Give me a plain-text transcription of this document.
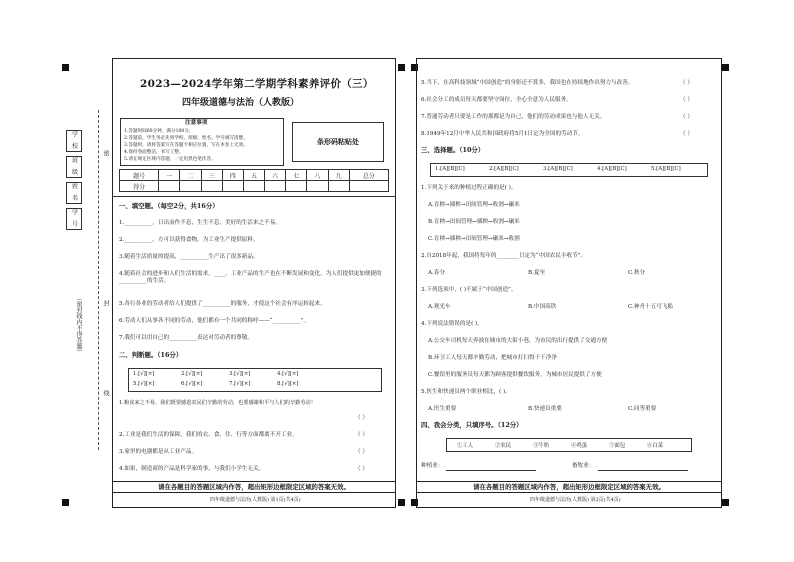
学 校
班 级
姓 名
学 号
密
封
线
（密封线内不得答题）
2023—2024学年第二学期学科素养评价（三）
四年级道德与法治（人教版）
注意事项
1.答题时间60分钟，满分100分。
2.答题前，学生务必先将学校、班级、姓名、学号填写清楚。
3.答题时，请将答案写在答题卡相应位置，写在本卷上无效。
4.保持卷面整洁，书写工整。
5.请在规定区域内答题，一定用黑色笔作答。
条形码粘贴处
题号	一	二	三	四	五	六	七	八	九	总分
得分										
一、填空题。（每空2分，共16分）
1.__________，日出而作不息，生生不息，美好的生活来之不易。
2.__________，方可以获得食物，为工业生产提供原料。
3.随着生活质量的提高，__________生产出了很多新品。
4.随着社会的进步和人们生活的需求，____，工业产品的生产也在不断发展和变化，为人们提供更加便捷的__________的生活。
5.各行各业的劳动者给人们提供了__________的服务，才使这个社会有序运转起来。
6.劳动人们从事各不同的劳动，他们都有一个共同的称呼——“__________”。
7.我们可以用自己的__________表达对劳动者的尊敬。
二、判断题。（16分）
1.[√][×]	2.[√][×]	3.[√][×]	4.[√][×]
5.[√][×]	6.[√][×]	7.[√][×]	8.[√][×]
1.粮食来之不易，我们既要感恩农民们辛勤的劳动，也要感谢和平与人们的辛勤劳动！
（ ）
2.工业是我们生活的保障，我们的衣、食、住、行等方面都离不开工业。	（ ）
3.家里的电器都是从工业产品。	（ ）
4.如果，制造商的产品是科学家的事，与我们小学生无关。	（ ）
请在各题目的答题区域内作答，超出矩形边框限定区域的答案无效。
四年级道德与法治(人教版) 第1页(共4页)
5.当下，在高科技领域“中国创造”的身影还不算多，我国也在持续地作出努力与改善。	（ ）
6.社会分工的成员每天都要坚守岗位，全心全意为人民服务。	（ ）
7.普通劳动者只要是工作的那都是为自己，他们的劳动成果也与他人无关。	（ ）
8.1949年12月中华人民共和国政府将5月1日定为全国的劳动节。	（ ）
三、选择题。（10分）
1.[A][B][C]	2.[A][B][C]	3.[A][B][C]	4.[A][B][C]	5.[A][B][C]
1.下列关于米的种植过程正确的是( )。
A.育秧→插秧→田间管理→收割→碾米
B.育秧→田间管理→插秧→收割→碾米
C.育秧→插秧→田间管理→碾米→收割
2.自2018年起，我国将每年的________日定为“中国农民丰收节”。
A.春分	B.夏至	C.秋分
3.下列选项中，( )不属于“中国创造”。
A.观光车	B.中国高铁	C.神舟十五号飞船
4.下列说法错误的是( )。
A.公交车司机每天奔波在城市的大街小巷，为市民的出行提供了交通方便
B.环卫工人每天都辛勤劳动，把城市打扫得干干净净
C.餐馆里的服务员每天都为顾客提供餐饮服务，为城市居民提供了方便
5.医生和快递员两个职业相比，( )。
A.医生重要	B.快递员重要	C.同等重要
四、我会分类，只填序号。（12分）
①工人	②农民	③牛奶	④鸡蛋	⑤面包	⑥白菜
种植业：	畜牧业：
请在各题目的答题区域内作答，超出矩形边框限定区域的答案无效。
四年级道德与法治(人教版) 第2页(共4页)
